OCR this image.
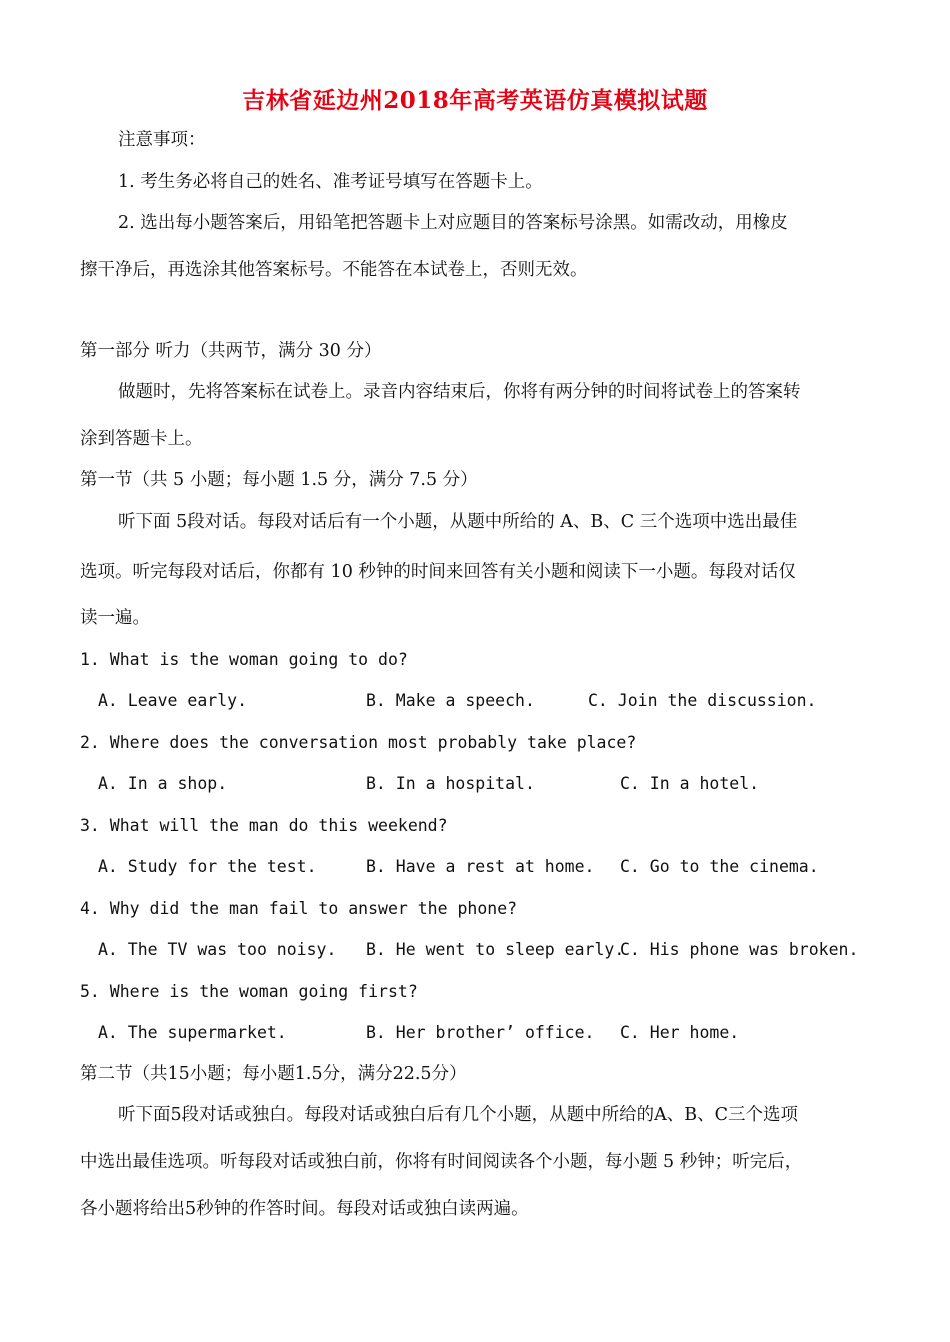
吉林省延边州2018年高考英语仿真模拟试题
注意事项：
1. 考生务必将自己的姓名、准考证号填写在答题卡上。
2. 选出每小题答案后，用铅笔把答题卡上对应题目的答案标号涂黑。如需改动，用橡皮
擦干净后，再选涂其他答案标号。不能答在本试卷上，否则无效。
第一部分 听力（共两节，满分 30 分）
做题时，先将答案标在试卷上。录音内容结束后，你将有两分钟的时间将试卷上的答案转
涂到答题卡上。
第一节（共 5 小题；每小题 1.5 分，满分 7.5 分）
听下面 5段对话。每段对话后有一个小题，从题中所给的 A、B、C 三个选项中选出最佳
选项。听完每段对话后，你都有 10 秒钟的时间来回答有关小题和阅读下一小题。每段对话仅
读一遍。
1. What is the woman going to do?
A. Leave early.	B. Make a speech.	C. Join the discussion.
2. Where does the conversation most probably take place?
A. In a shop.	B. In a hospital.	C. In a hotel.
3. What will the man do this weekend?
A. Study for the test.	B. Have a rest at home. C. Go to the cinema.
4. Why did the man fail to answer the phone?
A. The TV was too noisy. B. He went to sleep early.
C. His phone was broken.
5. Where is the woman going first?
A. The supermarket.	B. Her brother’ office. C. Her home.
第二节（共15小题；每小题1.5分，满分22.5分）
听下面5段对话或独白。每段对话或独白后有几个小题，从题中所给的A、B、C三个选项
中选出最佳选项。听每段对话或独白前，你将有时间阅读各个小题，每小题 5 秒钟；听完后，
各小题将给出5秒钟的作答时间。每段对话或独白读两遍。
